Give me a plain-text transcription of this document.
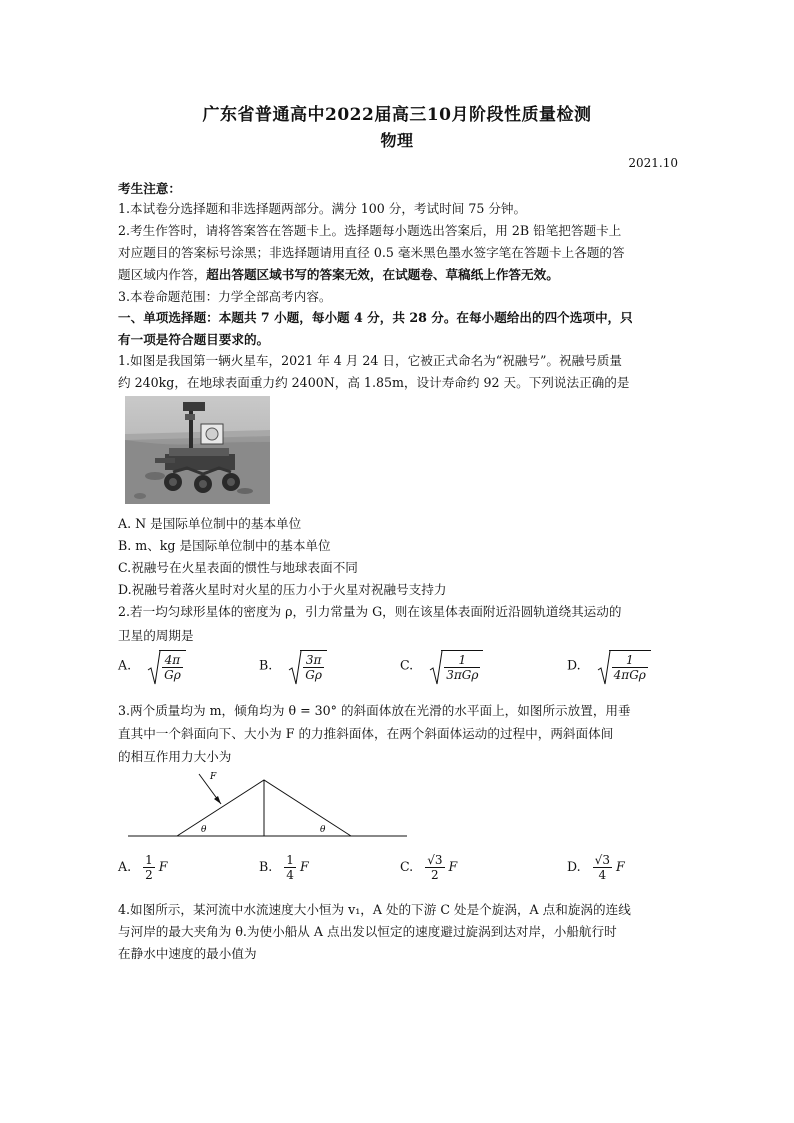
广东省普通高中2022届高三10月阶段性质量检测
物理
2021.10
考生注意：
1.本试卷分选择题和非选择题两部分。满分 100 分，考试时间 75 分钟。
2.考生作答时，请将答案答在答题卡上。选择题每小题选出答案后，用 2B 铅笔把答题卡上
对应题目的答案标号涂黑；非选择题请用直径 0.5 毫米黑色墨水签字笔在答题卡上各题的答
题区域内作答，超出答题区域书写的答案无效，在试题卷、草稿纸上作答无效。
3.本卷命题范围：力学全部高考内容。
一、单项选择题：本题共 7 小题，每小题 4 分，共 28 分。在每小题给出的四个选项中，只
有一项是符合题目要求的。
1.如图是我国第一辆火星车，2021 年 4 月 24 日，它被正式命名为“祝融号”。祝融号质量
约 240kg，在地球表面重力约 2400N，高 1.85m，设计寿命约 92 天。下列说法正确的是
A. N 是国际单位制中的基本单位
B. m、kg 是国际单位制中的基本单位
C.祝融号在火星表面的惯性与地球表面不同
D.祝融号着落火星时对火星的压力小于火星对祝融号支持力
2.若一均匀球形星体的密度为 ρ，引力常量为 G，则在该星体表面附近沿圆轨道绕其运动的
卫星的周期是
A.	$\frac{4\pi}{G\rho}$	B.	$\frac{3\pi}{G\rho}$	C.	$\frac{1}{\text{3πGρ}}$	D.	$\frac{1}{\text{4πGρ}}$
3.两个质量均为 m，倾角均为 θ = 30° 的斜面体放在光滑的水平面上，如图所示放置，用垂
直其中一个斜面向下、大小为 F 的力推斜面体，在两个斜面体运动的过程中，两斜面体间
的相互作用力大小为
θ	θ
F
A. $\frac{1}{2}$ F	B. $\frac{1}{4}$ F	C. $\frac{√3}{2}$ F	D. $\frac{√3}{4}$ F
4.如图所示，某河流中水流速度大小恒为 v₁，A 处的下游 C 处是个旋涡，A 点和旋涡的连线
与河岸的最大夹角为 θ.为使小船从 A 点出发以恒定的速度避过旋涡到达对岸，小船航行时
在静水中速度的最小值为
